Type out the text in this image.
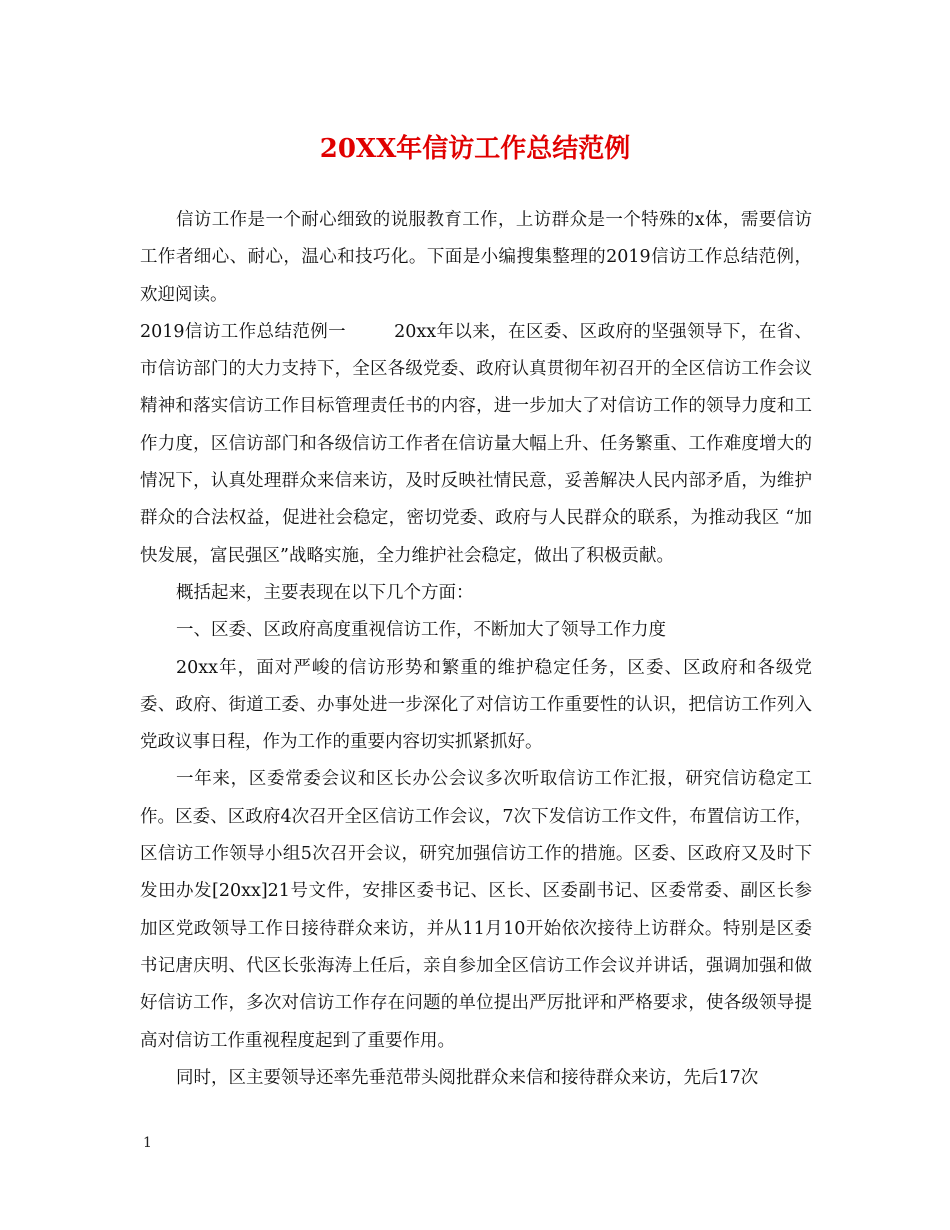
20XX年信访工作总结范例

信访工作是一个耐心细致的说服教育工作，上访群众是一个特殊的x体，需要信访工作者细心、耐心，温心和技巧化。下面是小编搜集整理的2019信访工作总结范例，欢迎阅读。

2019信访工作总结范例一	20xx年以来，在区委、区政府的坚强领导下，在省、市信访部门的大力支持下，全区各级党委、政府认真贯彻年初召开的全区信访工作会议精神和落实信访工作目标管理责任书的内容，进一步加大了对信访工作的领导力度和工作力度，区信访部门和各级信访工作者在信访量大幅上升、任务繁重、工作难度增大的情况下，认真处理群众来信来访，及时反映社情民意，妥善解决人民内部矛盾，为维护群众的合法权益，促进社会稳定，密切党委、政府与人民群众的联系，为推动我区 “加快发展，富民强区”战略实施，全力维护社会稳定，做出了积极贡献。

概括起来，主要表现在以下几个方面：

一、区委、区政府高度重视信访工作，不断加大了领导工作力度

20xx年，面对严峻的信访形势和繁重的维护稳定任务，区委、区政府和各级党委、政府、街道工委、办事处进一步深化了对信访工作重要性的认识，把信访工作列入党政议事日程，作为工作的重要内容切实抓紧抓好。

一年来，区委常委会议和区长办公会议多次听取信访工作汇报，研究信访稳定工作。区委、区政府4次召开全区信访工作会议，7次下发信访工作文件，布置信访工作，区信访工作领导小组5次召开会议，研究加强信访工作的措施。区委、区政府又及时下发田办发[20xx]21号文件，安排区委书记、区长、区委副书记、区委常委、副区长参加区党政领导工作日接待群众来访，并从11月10开始依次接待上访群众。特别是区委书记唐庆明、代区长张海涛上任后，亲自参加全区信访工作会议并讲话，强调加强和做好信访工作，多次对信访工作存在问题的单位提出严厉批评和严格要求，使各级领导提高对信访工作重视程度起到了重要作用。

同时，区主要领导还率先垂范带头阅批群众来信和接待群众来访，先后17次

1
